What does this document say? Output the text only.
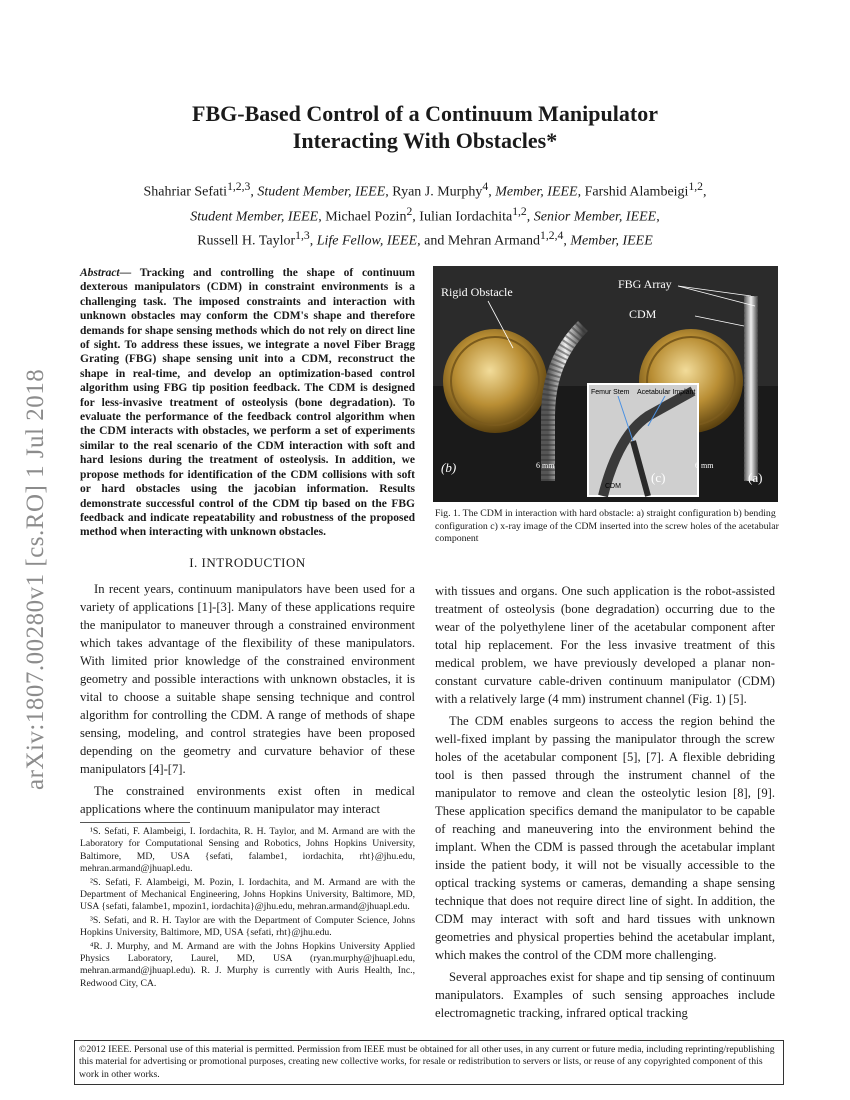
arXiv:1807.00280v1 [cs.RO] 1 Jul 2018
FBG-Based Control of a Continuum Manipulator
Interacting With Obstacles*
Shahriar Sefati$^{1,2,3}$, Student Member, IEEE, Ryan J. Murphy$^4$, Member, IEEE, Farshid Alambeigi$^{1,2}$,
Student Member, IEEE, Michael Pozin$^2$, Iulian Iordachita$^{1,2}$, Senior Member, IEEE,
Russell H. Taylor$^{1,3}$, Life Fellow, IEEE, and Mehran Armand$^{1,2,4}$, Member, IEEE
Abstract— Tracking and controlling the shape of continuum dexterous manipulators (CDM) in constraint environments is a challenging task. The imposed constraints and interaction with unknown obstacles may conform the CDM's shape and therefore demands for shape sensing methods which do not rely on direct line of sight. To address these issues, we integrate a novel Fiber Bragg Grating (FBG) shape sensing unit into a CDM, reconstruct the shape in real-time, and develop an optimization-based control algorithm using FBG tip position feedback. The CDM is designed for less-invasive treatment of osteolysis (bone degradation). To evaluate the performance of the feedback control algorithm when the CDM interacts with obstacles, we perform a set of experiments similar to the real scenario of the CDM interaction with soft and hard lesions during the treatment of osteolysis. In addition, we propose methods for identification of the CDM collisions with soft or hard obstacles using the jacobian information. Results demonstrate successful control of the CDM tip based on the FBG feedback and indicate repeatability and robustness of the proposed method when interacting with unknown obstacles.
I. INTRODUCTION

In recent years, continuum manipulators have been used for a variety of applications [1]-[3]. Many of these applications require the manipulator to maneuver through a constrained environment which takes advantage of the flexibility of these manipulators. With limited prior knowledge of the constrained environment geometry and possible interactions with unknown obstacles, it is vital to choose a suitable shape sensing technique and control algorithm for controlling the CDM. A range of methods of shape sensing, modeling, and control strategies have been proposed depending on the geometry and curvature behavior of these manipulators [4]-[7].

The constrained environments exist often in medical applications where the continuum manipulator may interact

¹S. Sefati, F. Alambeigi, I. Iordachita, R. H. Taylor, and M. Armand are with the Laboratory for Computational Sensing and Robotics, Johns Hopkins University, Baltimore, MD, USA {sefati, falambe1, iordachita, rht}@jhu.edu, mehran.armand@jhuapl.edu.

²S. Sefati, F. Alambeigi, M. Pozin, I. Iordachita, and M. Armand are with the Department of Mechanical Engineering, Johns Hopkins University, Baltimore, MD, USA {sefati, falambe1, mpozin1, iordachita}@jhu.edu, mehran.armand@jhuapl.edu.

³S. Sefati, and R. H. Taylor are with the Department of Computer Science, Johns Hopkins University, Baltimore, MD, USA {sefati, rht}@jhu.edu.

⁴R. J. Murphy, and M. Armand are with the Johns Hopkins University Applied Physics Laboratory, Laurel, MD, USA (ryan.murphy@jhuapl.edu, mehran.armand@jhuapl.edu). R. J. Murphy is currently with Auris Health, Inc., Redwood City, CA.

Rigid Obstacle
FBG Array
CDM
Femur Stem Acetabular Implant
CDM
6 mm	6 mm
(b)
(c)	(a)
Fig. 1. The CDM in interaction with hard obstacle: a) straight configuration b) bending configuration c) x-ray image of the CDM inserted into the screw holes of the acetabular component

with tissues and organs. One such application is the robot-assisted treatment of osteolysis (bone degradation) occurring due to the wear of the polyethylene liner of the acetabular component after total hip replacement. For the less invasive treatment of this medical problem, we have previously developed a planar non-constant curvature cable-driven continuum manipulator (CDM) with a relatively large (4 mm) instrument channel (Fig. 1) [5].

The CDM enables surgeons to access the region behind the well-fixed implant by passing the manipulator through the screw holes of the acetabular component [5], [7]. A flexible debriding tool is then passed through the instrument channel of the manipulator to remove and clean the osteolytic lesion [8], [9]. These application specifics demand the manipulator to be capable of reaching and maneuvering into the environment behind the implant. When the CDM is passed through the acetabular implant inside the patient body, it will not be visually accessible to the optical tracking systems or cameras, demanding a shape sensing technique that does not require direct line of sight. In addition, the CDM may interact with soft and hard tissues with unknown geometries and physical properties behind the acetabular implant, which makes the control of the CDM more challenging.

Several approaches exist for shape and tip sensing of continuum manipulators. Examples of such sensing approaches include electromagnetic tracking, infrared optical tracking

©2012 IEEE. Personal use of this material is permitted. Permission from IEEE must be obtained for all other uses, in any current or future media, including reprinting/republishing this material for advertising or promotional purposes, creating new collective works, for resale or redistribution to servers or lists, or reuse of any copyrighted component of this work in other works.
